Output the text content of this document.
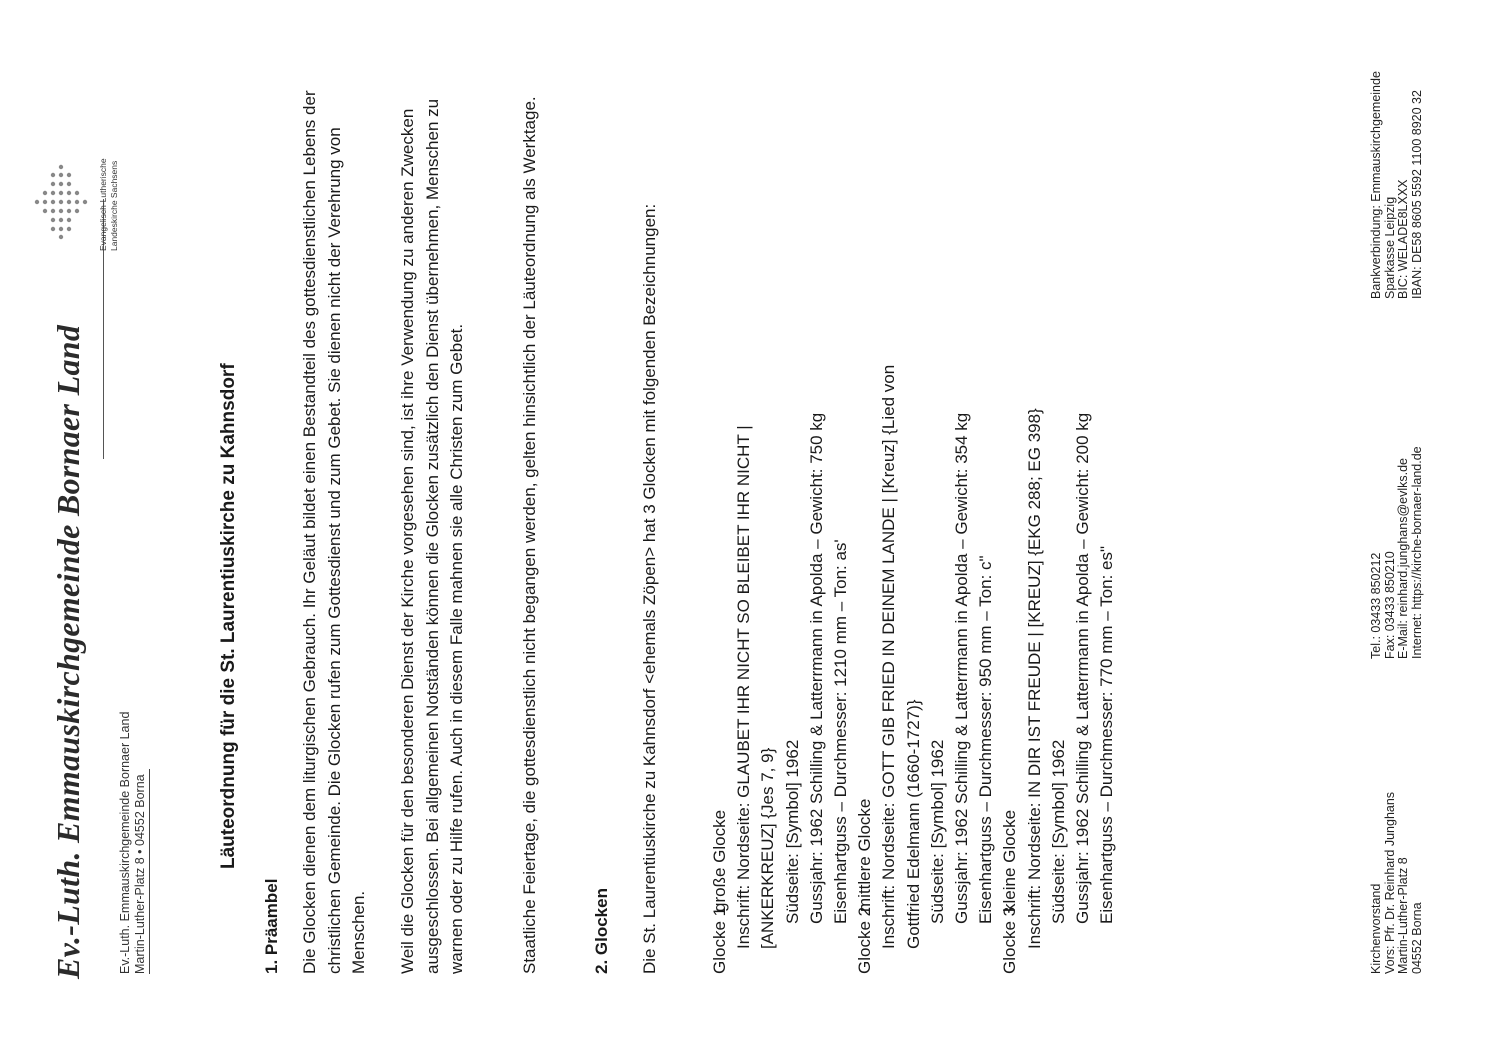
Ev.-Luth. Emmauskirchgemeinde Bornaer Land
Evangelisch-Lutherische Landeskirche Sachsens
Ev.-Luth. Emmauskirchgemeinde Bornaer Land Martin-Luther-Platz 8 • 04552 Borna
Läuteordnung für die St. Laurentiuskirche zu Kahnsdorf
1. Präambel Die Glocken dienen dem liturgischen Gebrauch. Ihr Geläut bildet einen Bestandteil des gottesdienstlichen Lebens der christlichen Gemeinde. Die Glocken rufen zum Gottesdienst und zum Gebet. Sie dienen nicht der Verehrung von Menschen. Weil die Glocken für den besonderen Dienst der Kirche vorgesehen sind, ist ihre Verwendung zu anderen Zwecken ausgeschlossen. Bei allgemeinen Notständen können die Glocken zusätzlich den Dienst übernehmen, Menschen zu warnen oder zu Hilfe rufen. Auch in diesem Falle mahnen sie alle Christen zum Gebet.	Staatliche Feiertage, die gottesdienstlich nicht begangen werden, gelten hinsichtlich der Läuteordnung als Werktage.	2. Glocken Die St. Laurentiuskirche zu Kahnsdorf <ehemals Zöpen> hat 3 Glocken mit folgenden Bezeichnungen:	Glocke 1große Glocke Inschrift: Nordseite: GLAUBET IHR NICHT SO BLEIBET IHR NICHT | [ANKERKREUZ] {Jes 7, 9} Südseite: [Symbol] 1962 Gussjahr: 1962 Schilling & Latterrmann in Apolda – Gewicht: 750 kg Eisenhartguss – Durchmesser: 1210 mm – Ton: as'
Glocke 2mittlere Glocke Inschrift: Nordseite: GOTT GIB FRIED IN DEINEM LANDE | [Kreuz] {Lied von Gottfried Edelmann (1660-1727)} Südseite: [Symbol] 1962 Gussjahr: 1962 Schilling & Latterrmann in Apolda – Gewicht: 354 kg Eisenhartguss – Durchmesser: 950 mm – Ton: c"
Glocke 3kleine Glocke Inschrift: Nordseite: IN DIR IST FREUDE | [KREUZ] {EKG 288; EG 398} Südseite: [Symbol] 1962 Gussjahr: 1962 Schilling & Latterrmann in Apolda – Gewicht: 200 kg Eisenhartguss – Durchmesser: 770 mm – Ton: es"
Kirchenvorstand Vors: Pfr. Dr. Reinhard Junghans Martin-Luther-Platz 8 04552 Borna
Tel.: 03433 850212 Fax: 03433 850210 E-Mail: reinhard.junghans@evlks.de Internet: https://kirche-bornaer-land.de
Bankverbindung: Emmauskirchgemeinde Sparkasse Leipzig BIC: WELADE8LXXX IBAN: DE58 8605 5592 1100 8920 32
